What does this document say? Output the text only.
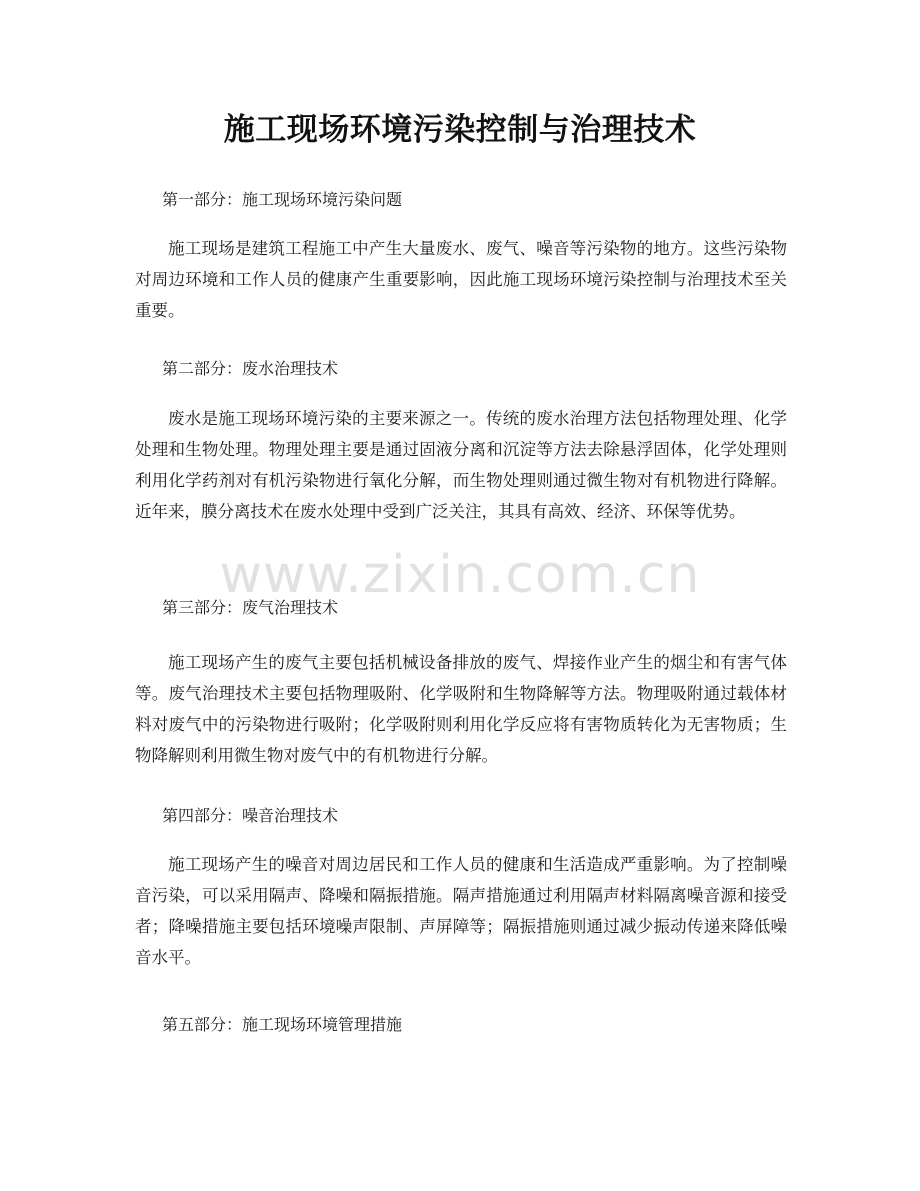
施工现场环境污染控制与治理技术
第一部分：施工现场环境污染问题
施工现场是建筑工程施工中产生大量废水、废气、噪音等污染物的地方。这些污染物对周边环境和工作人员的健康产生重要影响，因此施工现场环境污染控制与治理技术至关重要。
第二部分：废水治理技术
废水是施工现场环境污染的主要来源之一。传统的废水治理方法包括物理处理、化学处理和生物处理。物理处理主要是通过固液分离和沉淀等方法去除悬浮固体，化学处理则利用化学药剂对有机污染物进行氧化分解，而生物处理则通过微生物对有机物进行降解。近年来，膜分离技术在废水处理中受到广泛关注，其具有高效、经济、环保等优势。
第三部分：废气治理技术
施工现场产生的废气主要包括机械设备排放的废气、焊接作业产生的烟尘和有害气体等。废气治理技术主要包括物理吸附、化学吸附和生物降解等方法。物理吸附通过载体材料对废气中的污染物进行吸附；化学吸附则利用化学反应将有害物质转化为无害物质；生物降解则利用微生物对废气中的有机物进行分解。
第四部分：噪音治理技术
施工现场产生的噪音对周边居民和工作人员的健康和生活造成严重影响。为了控制噪音污染，可以采用隔声、降噪和隔振措施。隔声措施通过利用隔声材料隔离噪音源和接受者；降噪措施主要包括环境噪声限制、声屏障等；隔振措施则通过减少振动传递来降低噪音水平。
第五部分：施工现场环境管理措施
www.zixin.com.cn
